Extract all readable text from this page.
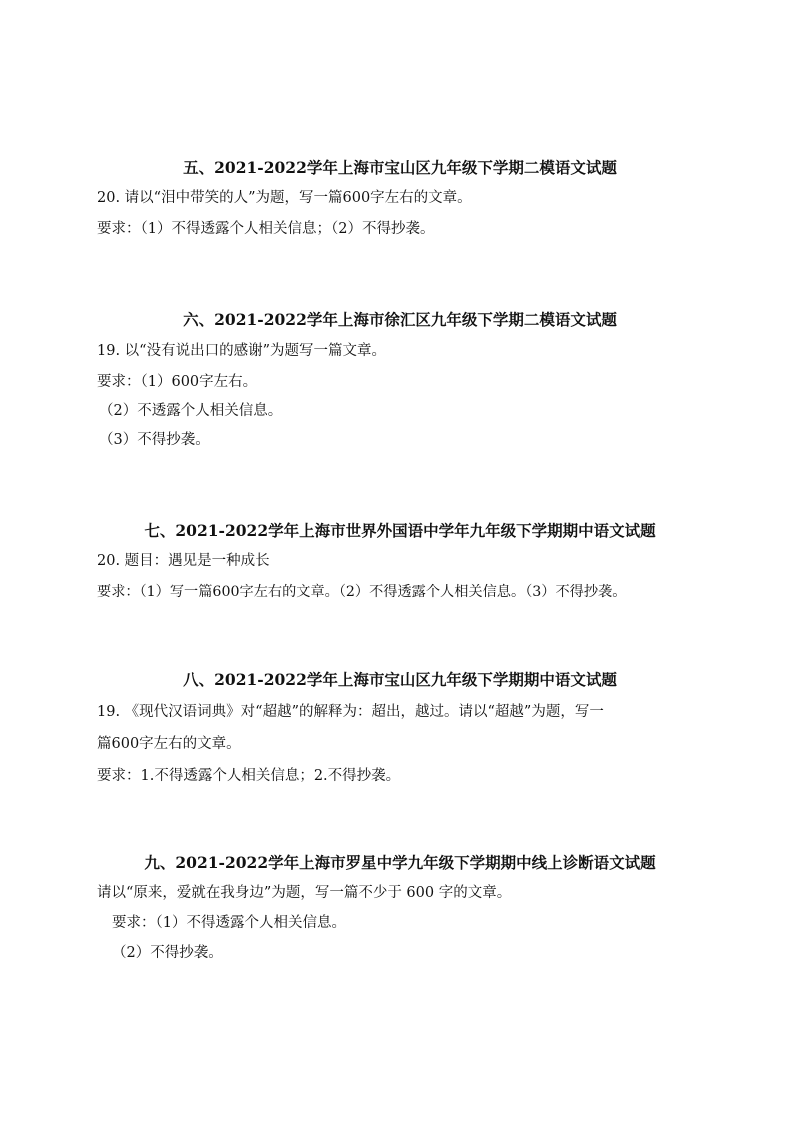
五、2021-2022学年上海市宝山区九年级下学期二模语文试题
20. 请以“泪中带笑的人”为题，写一篇600字左右的文章。
要求：（1）不得透露个人相关信息；（2）不得抄袭。
六、2021-2022学年上海市徐汇区九年级下学期二模语文试题
19. 以“没有说出口的感谢”为题写一篇文章。
要求：（1）600字左右。
（2）不透露个人相关信息。
（3）不得抄袭。
七、2021-2022学年上海市世界外国语中学年九年级下学期期中语文试题
20. 题目：遇见是一种成长
要求：（1）写一篇600字左右的文章。（2）不得透露个人相关信息。（3）不得抄袭。
八、2021-2022学年上海市宝山区九年级下学期期中语文试题
19. 《现代汉语词典》对“超越”的解释为：超出，越过。请以“超越”为题，写一
篇600字左右的文章。
要求：1.不得透露个人相关信息；2.不得抄袭。
九、2021-2022学年上海市罗星中学九年级下学期期中线上诊断语文试题
请以“原来，爱就在我身边”为题，写一篇不少于 600 字的文章。
要求：（1）不得透露个人相关信息。
（2）不得抄袭。
